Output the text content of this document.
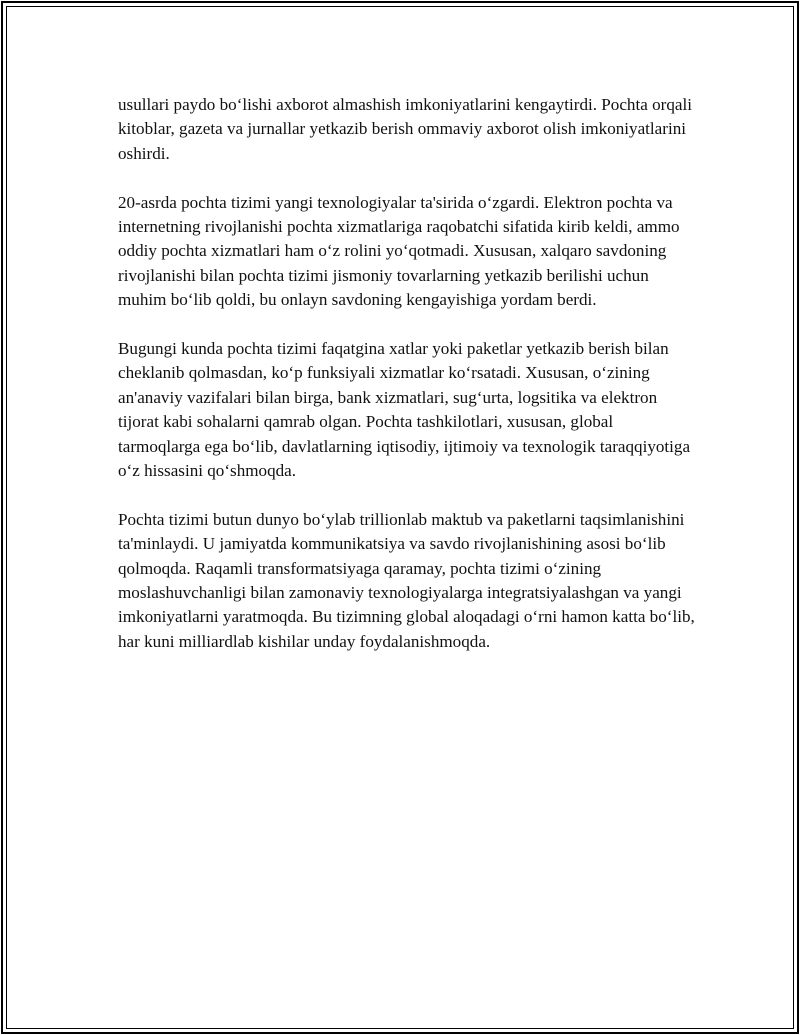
usullari paydo bo‘lishi axborot almashish imkoniyatlarini kengaytirdi. Pochta orqali kitoblar, gazeta va jurnallar yetkazib berish ommaviy axborot olish imkoniyatlarini oshirdi.

20-asrda pochta tizimi yangi texnologiyalar ta'sirida o‘zgardi. Elektron pochta va internetning rivojlanishi pochta xizmatlariga raqobatchi sifatida kirib keldi, ammo oddiy pochta xizmatlari ham o‘z rolini yo‘qotmadi. Xususan, xalqaro savdoning rivojlanishi bilan pochta tizimi jismoniy tovarlarning yetkazib berilishi uchun muhim bo‘lib qoldi, bu onlayn savdoning kengayishiga yordam berdi.

Bugungi kunda pochta tizimi faqatgina xatlar yoki paketlar yetkazib berish bilan cheklanib qolmasdan, ko‘p funksiyali xizmatlar ko‘rsatadi. Xususan, o‘zining an'anaviy vazifalari bilan birga, bank xizmatlari, sug‘urta, logsitika va elektron tijorat kabi sohalarni qamrab olgan. Pochta tashkilotlari, xususan, global tarmoqlarga ega bo‘lib, davlatlarning iqtisodiy, ijtimoiy va texnologik taraqqiyotiga o‘z hissasini qo‘shmoqda.

Pochta tizimi butun dunyo bo‘ylab trillionlab maktub va paketlarni taqsimlanishini ta'minlaydi. U jamiyatda kommunikatsiya va savdo rivojlanishining asosi bo‘lib qolmoqda. Raqamli transformatsiyaga qaramay, pochta tizimi o‘zining moslashuvchanligi bilan zamonaviy texnologiyalarga integratsiyalashgan va yangi imkoniyatlarni yaratmoqda. Bu tizimning global aloqadagi o‘rni hamon katta bo‘lib, har kuni milliardlab kishilar unday foydalanishmoqda.
